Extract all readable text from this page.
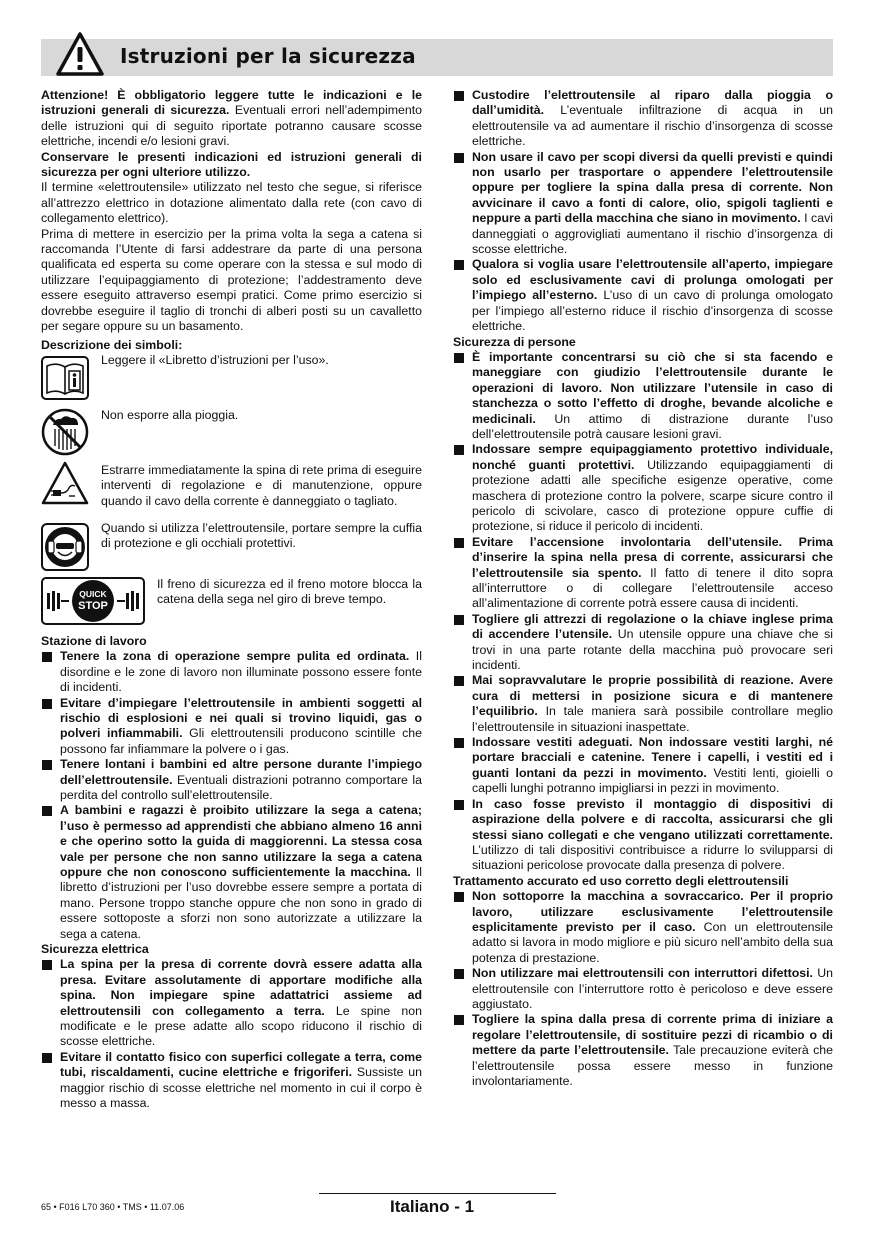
Istruzioni per la sicurezza

Attenzione! È obbligatorio leggere tutte le indicazioni e le istruzioni generali di sicurezza. Eventuali errori nell’adempimento delle istruzioni qui di seguito riportate potranno causare scosse elettriche, incendi e/o lesioni gravi.

Conservare le presenti indicazioni ed istruzioni generali di sicurezza per ogni ulteriore utilizzo.

Il termine «elettroutensile» utilizzato nel testo che segue, si riferisce all’attrezzo elettrico in dotazione alimentato dalla rete (con cavo di collegamento elettrico).

Prima di mettere in esercizio per la prima volta la sega a catena si raccomanda l’Utente di farsi addestrare da parte di una persona qualificata ed esperta su come operare con la stessa e sul modo di utilizzare l’equipaggiamento di protezione; l’addestramento deve essere eseguito attraverso esempi pratici. Come primo esercizio si dovrebbe eseguire il taglio di tronchi di alberi posti su un cavalletto per segare oppure su un basamento.

Descrizione dei simboli:

Leggere il «Libretto d’istruzioni per l’uso».
Non esporre alla pioggia.
Estrarre immediatamente la spina di rete prima di eseguire interventi di regolazione e di manutenzione, oppure quando il cavo della corrente è danneggiato o tagliato.
Quando si utilizza l’elettroutensile, portare sempre la cuffia di protezione e gli occhiali protettivi.
QUICK
STOP
Il freno di sicurezza ed il freno motore blocca la catena della sega nel giro di breve tempo.

Stazione di lavoro

Tenere la zona di operazione sempre pulita ed ordinata. Il disordine e le zone di lavoro non illuminate possono essere fonte di incidenti.

Evitare d’impiegare l’elettroutensile in ambienti soggetti al rischio di esplosioni e nei quali si trovino liquidi, gas o polveri infiammabili. Gli elettroutensili producono scintille che possono far infiammare la polvere o i gas.

Tenere lontani i bambini ed altre persone durante l’impiego dell’elettroutensile. Eventuali distrazioni potranno comportare la perdita del controllo sull’elettroutensile.

A bambini e ragazzi è proibito utilizzare la sega a catena; l’uso è permesso ad apprendisti che abbiano almeno 16 anni e che operino sotto la guida di maggiorenni. La stessa cosa vale per persone che non sanno utilizzare la sega a catena oppure che non conoscono sufficientemente la macchina. Il libretto d’istruzioni per l’uso dovrebbe essere sempre a portata di mano. Persone troppo stanche oppure che non sono in grado di essere sottoposte a sforzi non sono autorizzate a utilizzare la sega a catena.

Sicurezza elettrica

La spina per la presa di corrente dovrà essere adatta alla presa. Evitare assolutamente di apportare modifiche alla spina. Non impiegare spine adattatrici assieme ad elettroutensili con collegamento a terra. Le spine non modificate e le prese adatte allo scopo riducono il rischio di scosse elettriche.

Evitare il contatto fisico con superfici collegate a terra, come tubi, riscaldamenti, cucine elettriche e frigoriferi. Sussiste un maggior rischio di scosse elettriche nel momento in cui il corpo è messo a massa.

Custodire l’elettroutensile al riparo dalla pioggia o dall’umidità. L’eventuale infiltrazione di acqua in un elettroutensile va ad aumentare il rischio d’insorgenza di scosse elettriche.

Non usare il cavo per scopi diversi da quelli previsti e quindi non usarlo per trasportare o appendere l’elettroutensile oppure per togliere la spina dalla presa di corrente. Non avvicinare il cavo a fonti di calore, olio, spigoli taglienti e neppure a parti della macchina che siano in movimento. I cavi danneggiati o aggrovigliati aumentano il rischio d’insorgenza di scosse elettriche.

Qualora si voglia usare l’elettroutensile all’aperto, impiegare solo ed esclusivamente cavi di prolunga omologati per l’impiego all’esterno. L’uso di un cavo di prolunga omologato per l’impiego all’esterno riduce il rischio d’insorgenza di scosse elettriche.

Sicurezza di persone

È importante concentrarsi su ciò che si sta facendo e maneggiare con giudizio l’elettroutensile durante le operazioni di lavoro. Non utilizzare l’utensile in caso di stanchezza o sotto l’effetto di droghe, bevande alcoliche e medicinali. Un attimo di distrazione durante l’uso dell’elettroutensile potrà causare lesioni gravi.

Indossare sempre equipaggiamento protettivo individuale, nonché guanti protettivi. Utilizzando equipaggiamenti di protezione adatti alle specifiche esigenze operative, come maschera di protezione contro la polvere, scarpe sicure contro il pericolo di scivolare, casco di protezione oppure cuffie di protezione, si riduce il pericolo di incidenti.

Evitare l’accensione involontaria dell’utensile. Prima d’inserire la spina nella presa di corrente, assicurarsi che l’elettroutensile sia spento. Il fatto di tenere il dito sopra all’interruttore o di collegare l’elettroutensile acceso all’alimentazione di corrente potrà essere causa di incidenti.

Togliere gli attrezzi di regolazione o la chiave inglese prima di accendere l’utensile. Un utensile oppure una chiave che si trovi in una parte rotante della macchina può provocare seri incidenti.

Mai sopravvalutare le proprie possibilità di reazione. Avere cura di mettersi in posizione sicura e di mantenere l’equilibrio. In tale maniera sarà possibile controllare meglio l’elettroutensile in situazioni inaspettate.

Indossare vestiti adeguati. Non indossare vestiti larghi, né portare bracciali e catenine. Tenere i capelli, i vestiti ed i guanti lontani da pezzi in movimento. Vestiti lenti, gioielli o capelli lunghi potranno impigliarsi in pezzi in movimento.

In caso fosse previsto il montaggio di dispositivi di aspirazione della polvere e di raccolta, assicurarsi che gli stessi siano collegati e che vengano utilizzati correttamente. L’utilizzo di tali dispositivi contribuisce a ridurre lo svilupparsi di situazioni pericolose provocate dalla presenza di polvere.

Trattamento accurato ed uso corretto degli elettroutensili

Non sottoporre la macchina a sovraccarico. Per il proprio lavoro, utilizzare esclusivamente l’elettroutensile esplicitamente previsto per il caso. Con un elettroutensile adatto si lavora in modo migliore e più sicuro nell’ambito della sua potenza di prestazione.

Non utilizzare mai elettroutensili con interruttori difettosi. Un elettroutensile con l’interruttore rotto è pericoloso e deve essere aggiustato.

Togliere la spina dalla presa di corrente prima di iniziare a regolare l’elettroutensile, di sostituire pezzi di ricambio o di mettere da parte l’elettroutensile. Tale precauzione eviterà che l’elettroutensile possa essere messo in funzione involontariamente.

65 • F016 L70 360 • TMS • 11.07.06	Italiano - 1
